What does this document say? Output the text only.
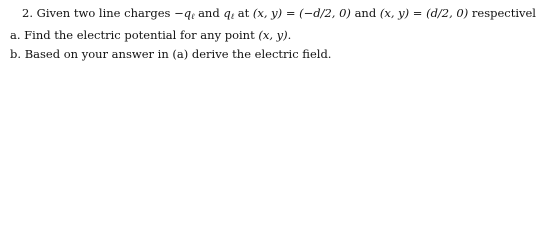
2. Given two line charges $-q_\ell$ and $q_\ell$ at (x, y) = (−d/2, 0) and (x, y) = (d/2, 0) respectivel
a. Find the electric potential for any point (x, y).
b. Based on your answer in (a) derive the electric field.
